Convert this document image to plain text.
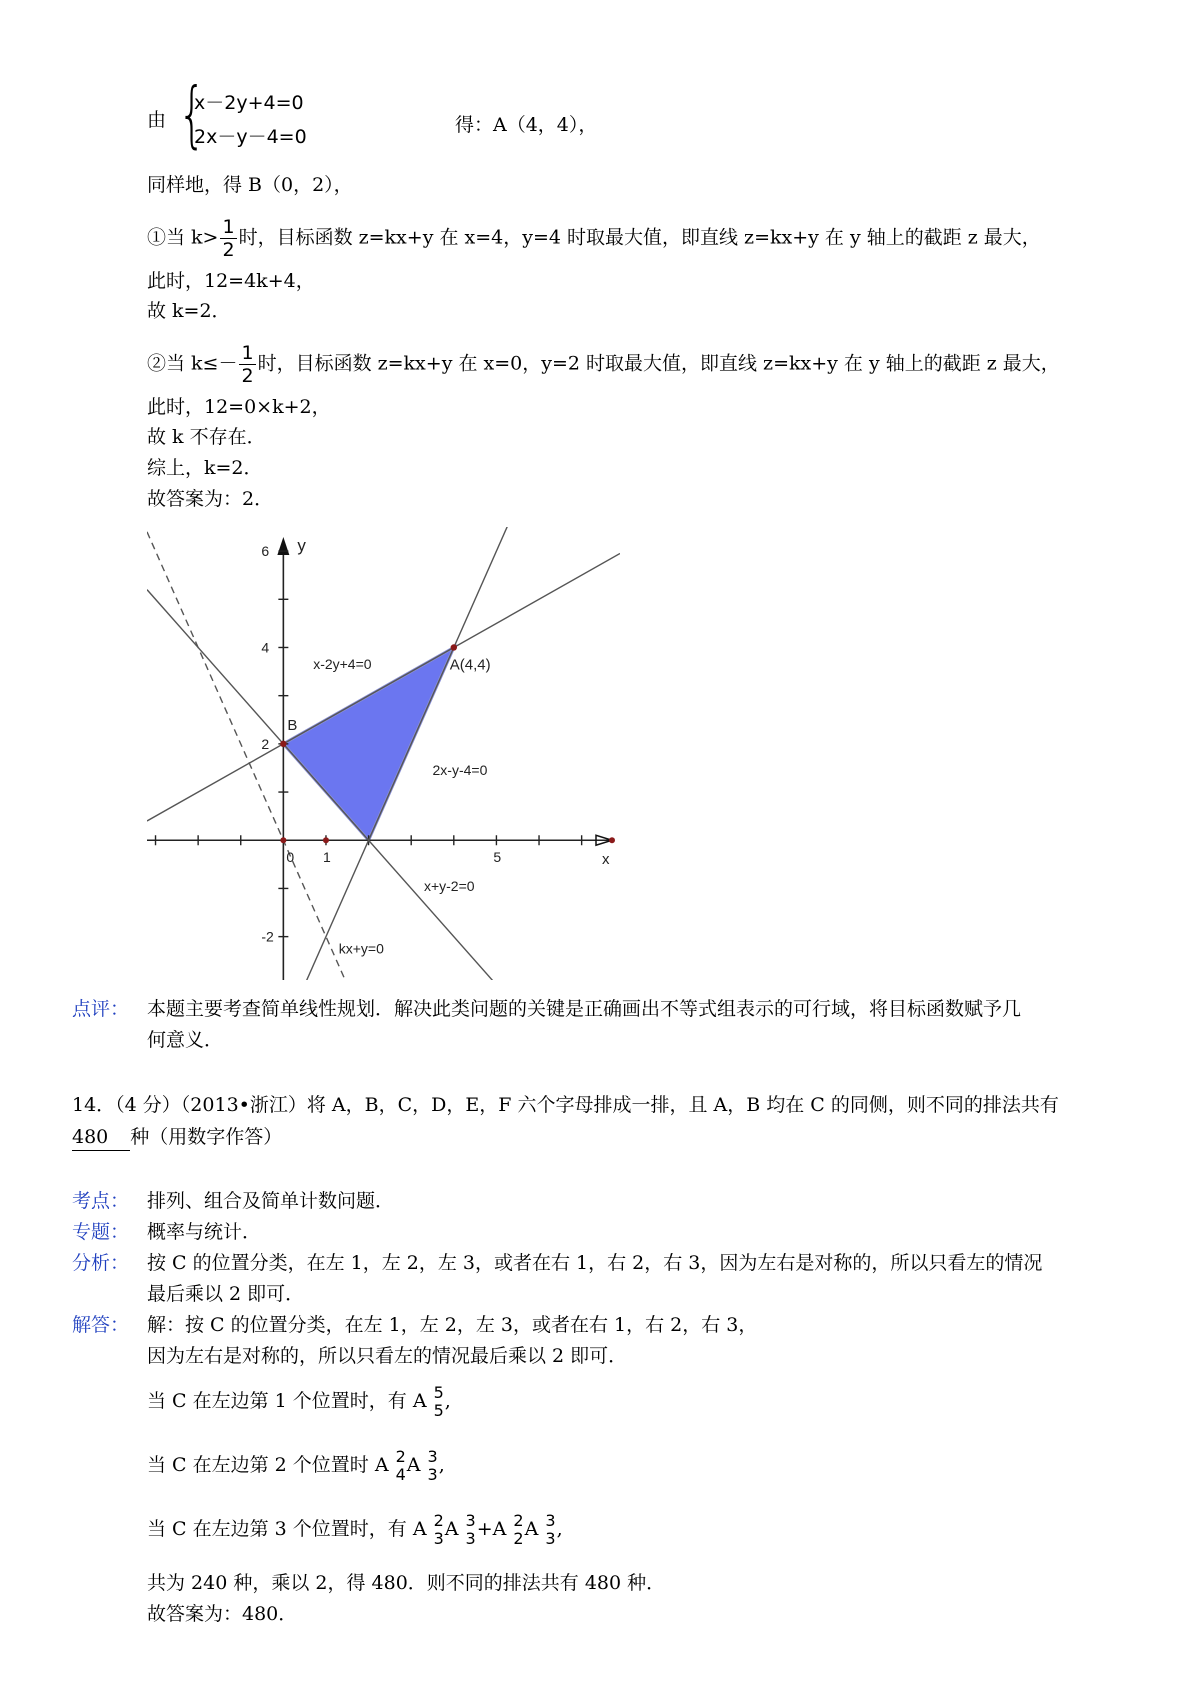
由 {
x－2y+4=0
2x－y－4=0
得：A（4，4），
同样地，得 B（0，2），
①当 $k> \frac{1}{2}$ 时，目标函数 z=kx+y 在 x=4，y=4 时取最大值，即直线 z=kx+y 在 y 轴上的截距 z 最大，
此时，12=4k+4，
故 k=2．
②当 $k\le- \frac{1}{2}$ 时，目标函数 z=kx+y 在 x=0，y=2 时取最大值，即直线 z=kx+y 在 y 轴上的截距 z 最大，
此时，12=0×k+2，
故 k 不存在．
综上，k=2．
故答案为：2．
y
x
6
4
2
-2
0 1	5
x-2y+4=0
2x-y-4=0
x+y-2=0
kx+y=0
A(4,4)
B
点评： 本题主要考查简单线性规划．解决此类问题的关键是正确画出不等式组表示的可行域，将目标函数赋予几
何意义．
14．（4 分）（2013•浙江）将 A，B，C，D，E，F 六个字母排成一排，且 A，B 均在 C 的同侧，则不同的排法共有
480 种（用数字作答）
考点： 排列、组合及简单计数问题．
专题： 概率与统计．
分析： 按 C 的位置分类，在左 1，左 2，左 3，或者在右 1，右 2，右 3，因为左右是对称的，所以只看左的情况
最后乘以 2 即可．
解答： 解：按 C 的位置分类，在左 1，左 2，左 3，或者在右 1，右 2，右 3，
因为左右是对称的，所以只看左的情况最后乘以 2 即可．
当 C 在左边第 1 个位置时，有 A 5
5 ,
当 C 在左边第 2 个位置时 A 2
4 A 3
3 ,
当 C 在左边第 3 个位置时，有 A 2
3 A 3
3 +A 2
2 A 3
3 ,
共为 240 种，乘以 2，得 480．则不同的排法共有 480 种．
故答案为：480．
